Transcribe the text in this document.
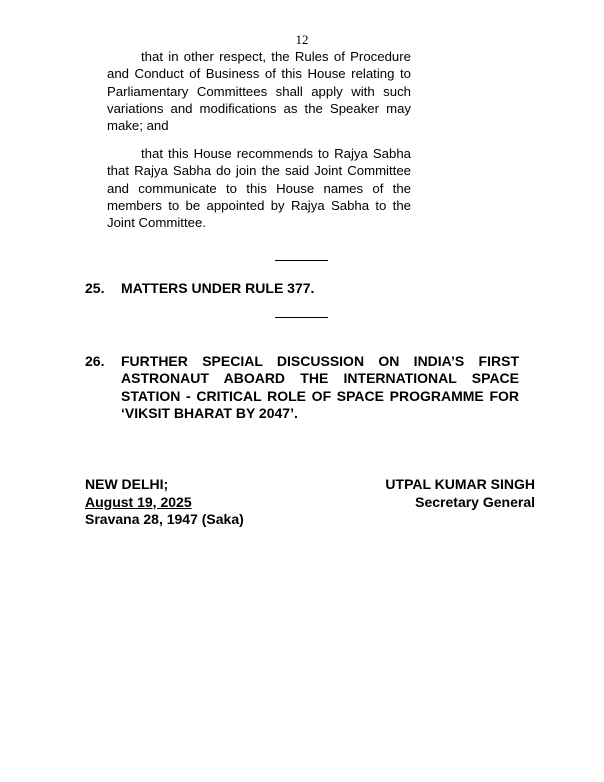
12
that in other respect, the Rules of Procedure and Conduct of Business of this House relating to Parliamentary Committees shall apply with such variations and modifications as the Speaker may make; and
that this House recommends to Rajya Sabha that Rajya Sabha do join the said Joint Committee and communicate to this House names of the members to be appointed by Rajya Sabha to the Joint Committee.
25. MATTERS UNDER RULE 377.
26. FURTHER SPECIAL DISCUSSION ON INDIA’S FIRST ASTRONAUT ABOARD THE INTERNATIONAL SPACE STATION - CRITICAL ROLE OF SPACE PROGRAMME FOR ‘VIKSIT BHARAT BY 2047’.
NEW DELHI;
August 19, 2025
Sravana 28, 1947 (Saka)
UTPAL KUMAR SINGH
Secretary General
